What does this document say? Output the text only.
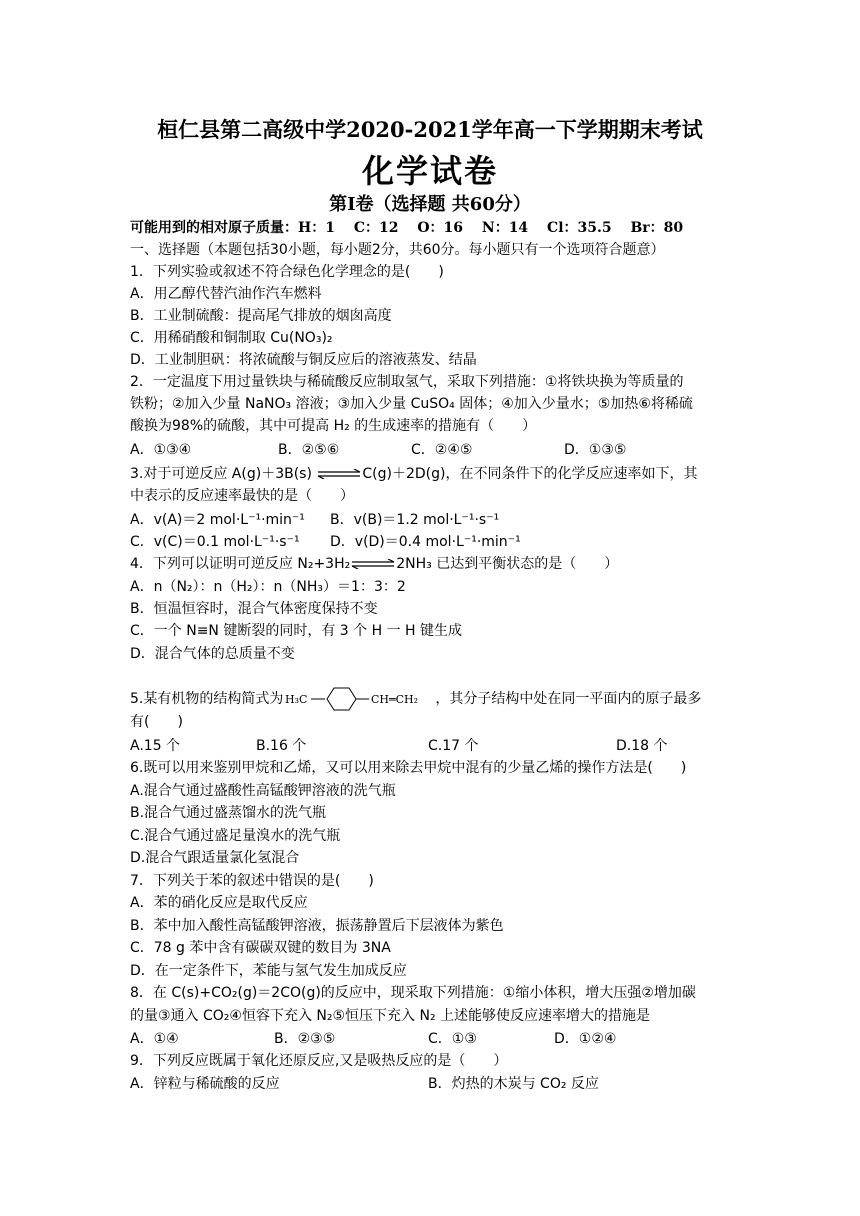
桓仁县第二高级中学2020-2021学年高一下学期期末考试
化学试卷
第I卷（选择题 共60分）
可能用到的相对原子质量：H：1　 C：12　 O：16　 N：14　 Cl：35.5　 Br：80
一、选择题（本题包括30小题，每小题2分，共60分。每小题只有一个选项符合题意）
1．下列实验或叙述不符合绿色化学理念的是(　　)
A．用乙醇代替汽油作汽车燃料
B．工业制硫酸：提高尾气排放的烟囱高度
C．用稀硝酸和铜制取 Cu(NO₃)₂
D．工业制胆矾：将浓硫酸与铜反应后的溶液蒸发、结晶
2．一定温度下用过量铁块与稀硫酸反应制取氢气，采取下列措施：①将铁块换为等质量的
铁粉；②加入少量 NaNO₃ 溶液；③加入少量 CuSO₄ 固体；④加入少量水；⑤加热⑥将稀硫
酸换为98%的硫酸，其中可提高 H₂ 的生成速率的措施有（　　）
A．①③④	B．②⑤⑥	C．②④⑤	D．①③⑤
3.对于可逆反应 A(g)＋3B(s) ⇌C(g)＋2D(g)，在不同条件下的化学反应速率如下，其
中表示的反应速率最快的是（　　）
A．v(A)＝2 mol·L⁻¹·min⁻¹ B．v(B)＝1.2 mol·L⁻¹·s⁻¹
C．v(C)＝0.1 mol·L⁻¹·s⁻¹ D．v(D)＝0.4 mol·L⁻¹·min⁻¹
4．下列可以证明可逆反应 N₂+3H₂⇌2NH₃ 已达到平衡状态的是（　　）
A．n（N₂）：n（H₂）：n（NH₃）＝1：3：2
B．恒温恒容时，混合气体密度保持不变
C．一个 N≡N 键断裂的同时，有 3 个 H 一 H 键生成
D．混合气体的总质量不变
5.某有机物的结构简式为 H₃C	CH═CH₂ ，其分子结构中处在同一平面内的原子最多
有(　　)
A.15 个	B.16 个	C.17 个	D.18 个
6.既可以用来鉴别甲烷和乙烯，又可以用来除去甲烷中混有的少量乙烯的操作方法是(　　)
A.混合气通过盛酸性高锰酸钾溶液的洗气瓶
B.混合气通过盛蒸馏水的洗气瓶
C.混合气通过盛足量溴水的洗气瓶
D.混合气跟适量氯化氢混合
7．下列关于苯的叙述中错误的是(　　)
A．苯的硝化反应是取代反应
B．苯中加入酸性高锰酸钾溶液，振荡静置后下层液体为紫色
C．78 g 苯中含有碳碳双键的数目为 3NA
D．在一定条件下，苯能与氢气发生加成反应
8．在 C(s)+CO₂(g)＝2CO(g)的反应中，现采取下列措施：①缩小体积，增大压强②增加碳
的量③通入 CO₂④恒容下充入 N₂⑤恒压下充入 N₂ 上述能够使反应速率增大的措施是
A．①④	B．②③⑤	C．①③	D．①②④
9．下列反应既属于氧化还原反应,又是吸热反应的是（　　）
A．锌粒与稀硫酸的反应	B．灼热的木炭与 CO₂ 反应
